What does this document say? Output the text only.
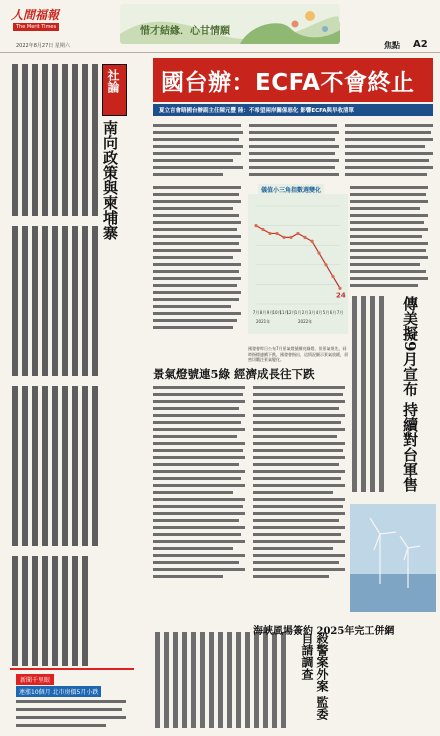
人間福報
The Merit Times	惜才結緣．心甘情願
2022年8月27日 星期六	焦點 A2
社論
南向政策與柬埔寨
新聞千里眼
連漲10個月 北市房價5月小跌
國台辦：ECFA不會終止
夏立言會晤國台辦副主任陳元豐 陸：不希望兩岸關係惡化 影響ECFA與早收清單
儀值小三角指數週變化
24
7月 8月 9月 10月
11月
12月 1月 2月 3月 4月 5月 6月 7月
2021年	2022年
國發會昨日公布7月景氣燈號續亮綠燈，但景氣領先、同時指標連續下跌，國發會指出，這情況顯示景氣放緩，須密切觀注景氣變化。	傳美擬9月宣布 持續對台軍售
景氣燈號連5綠 經濟成長往下跌
殺警案外案 監委自請調查
海峽風場簽約 2025年完工併網
